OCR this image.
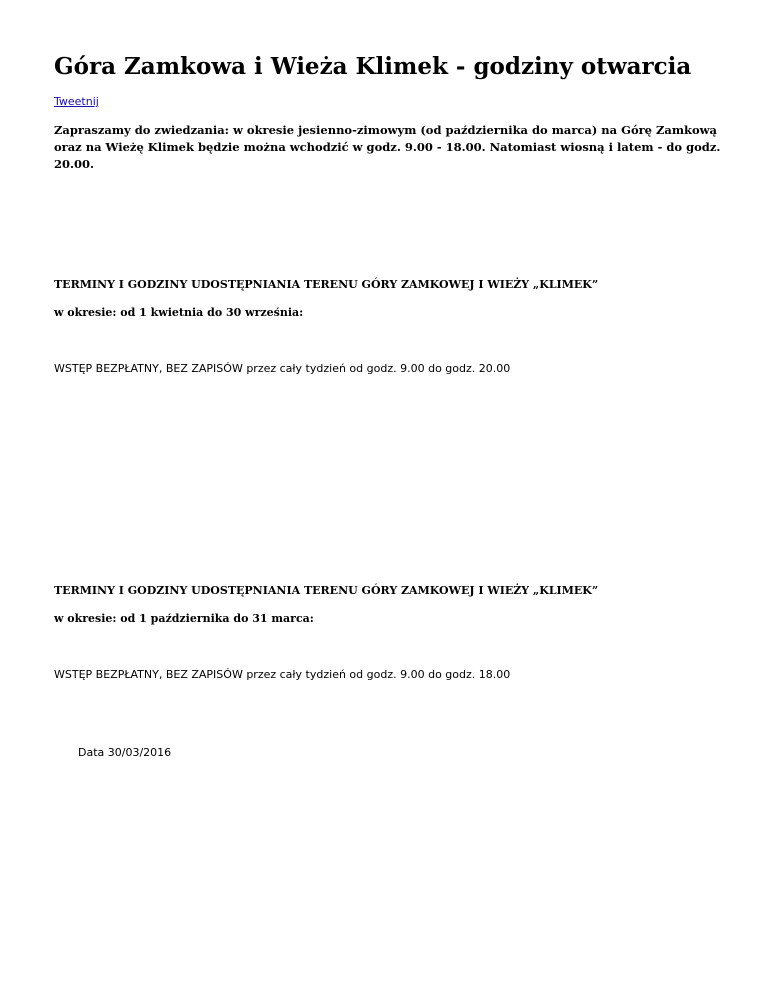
Góra Zamkowa i Wieża Klimek - godziny otwarcia
Tweetnij

Zapraszamy do zwiedzania: w okresie jesienno-zimowym (od października do marca) na Górę Zamkową oraz na Wieżę Klimek będzie można wchodzić w godz. 9.00 - 18.00. Natomiast wiosną i latem - do godz. 20.00.

TERMINY I GODZINY UDOSTĘPNIANIA TERENU GÓRY ZAMKOWEJ I WIEŻY „KLIMEK”

w okresie: od 1 kwietnia do 30 września:

WSTĘP BEZPŁATNY, BEZ ZAPISÓW przez cały tydzień od godz. 9.00 do godz. 20.00

TERMINY I GODZINY UDOSTĘPNIANIA TERENU GÓRY ZAMKOWEJ I WIEŻY „KLIMEK”

w okresie: od 1 października do 31 marca:

WSTĘP BEZPŁATNY, BEZ ZAPISÓW przez cały tydzień od godz. 9.00 do godz. 18.00

Data 30/03/2016
